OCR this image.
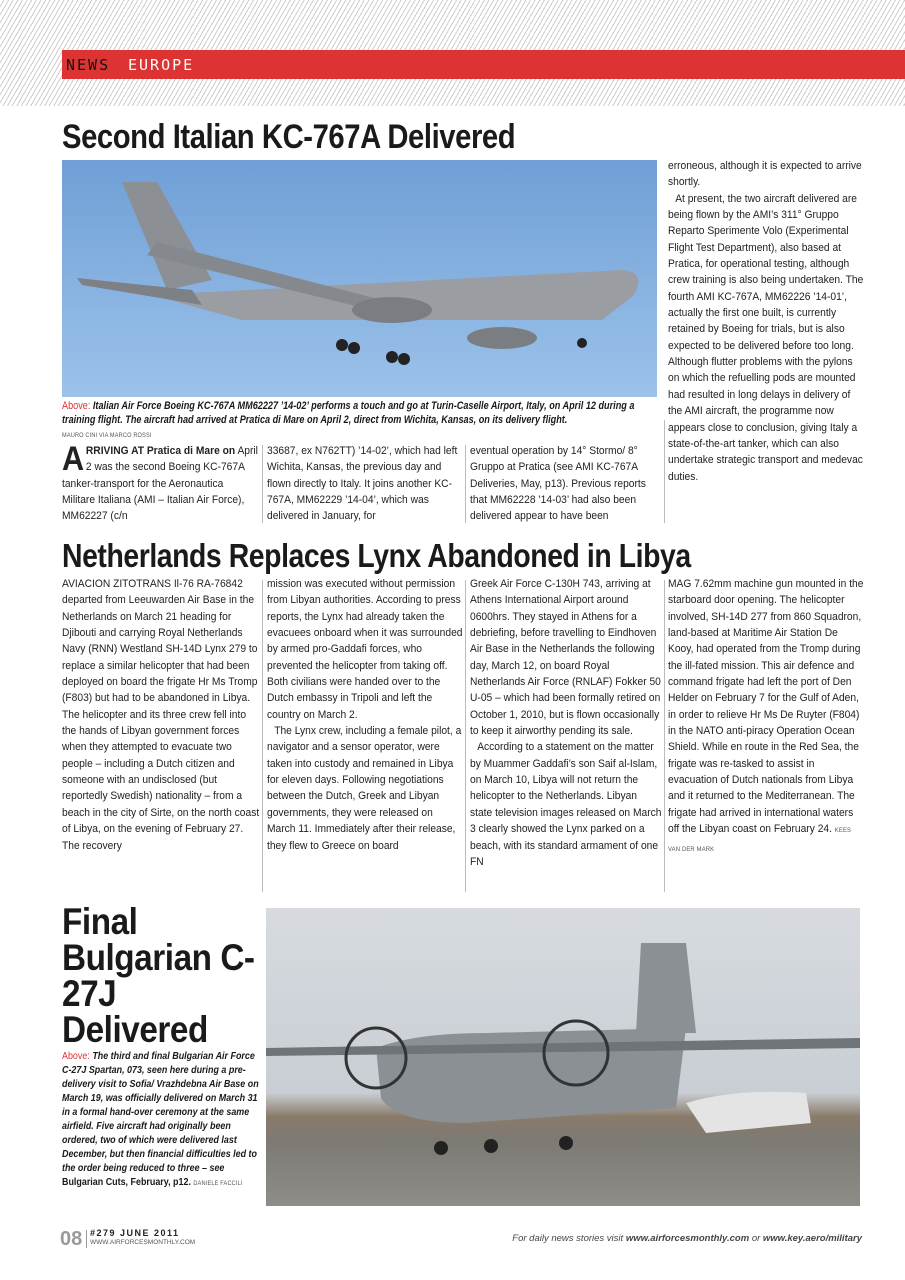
NEWS EUROPE
Second Italian KC-767A Delivered
Above: Italian Air Force Boeing KC-767A MM62227 ’14-02’ performs a touch and go at Turin-Caselle Airport, Italy, on April 12 during a training flight. The aircraft had arrived at Pratica di Mare on April 2, direct from Wichita, Kansas, on its delivery flight.
MAURO CINI VIA MARCO ROSSI
ARRIVING AT Pratica di Mare on April 2 was the second Boeing KC-767A tanker-transport for the Aeronautica Militare Italiana (AMI – Italian Air Force), MM62227 (c/n
33687, ex N762TT) ’14-02’, which had left Wichita, Kansas, the previous day and flown directly to Italy. It joins another KC-767A, MM62229 ’14-04’, which was delivered in January, for
eventual operation by 14° Stormo/ 8° Gruppo at Pratica (see AMI KC-767A Deliveries, May, p13). Previous reports that MM62228 ’14-03’ had also been delivered appear to have been

erroneous, although it is expected to arrive shortly.

At present, the two aircraft delivered are being flown by the AMI’s 311° Gruppo Reparto Sperimente Volo (Experimental Flight Test Department), also based at Pratica, for operational testing, although crew training is also being undertaken. The fourth AMI KC-767A, MM62226 ’14-01’, actually the first one built, is currently retained by Boeing for trials, but is also expected to be delivered before too long. Although flutter problems with the pylons on which the refuelling pods are mounted had resulted in long delays in delivery of the AMI aircraft, the programme now appears close to conclusion, giving Italy a state-of-the-art tanker, which can also undertake strategic transport and medevac duties.

Netherlands Replaces Lynx Abandoned in Libya
AVIACION ZITOTRANS Il-76 RA-76842 departed from Leeuwarden Air Base in the Netherlands on March 21 heading for Djibouti and carrying Royal Netherlands Navy (RNN) Westland SH-14D Lynx 279 to replace a similar helicopter that had been deployed on board the frigate Hr Ms Tromp (F803) but had to be abandoned in Libya. The helicopter and its three crew fell into the hands of Libyan government forces when they attempted to evacuate two people – including a Dutch citizen and someone with an undisclosed (but reportedly Swedish) nationality – from a beach in the city of Sirte, on the north coast of Libya, on the evening of February 27. The recovery

mission was executed without permission from Libyan authorities. According to press reports, the Lynx had already taken the evacuees onboard when it was surrounded by armed pro-Gaddafi forces, who prevented the helicopter from taking off. Both civilians were handed over to the Dutch embassy in Tripoli and left the country on March 2.

The Lynx crew, including a female pilot, a navigator and a sensor operator, were taken into custody and remained in Libya for eleven days. Following negotiations between the Dutch, Greek and Libyan governments, they were released on March 11. Immediately after their release, they flew to Greece on board

Greek Air Force C-130H 743, arriving at Athens International Airport around 0600hrs. They stayed in Athens for a debriefing, before travelling to Eindhoven Air Base in the Netherlands the following day, March 12, on board Royal Netherlands Air Force (RNLAF) Fokker 50 U-05 – which had been formally retired on October 1, 2010, but is flown occasionally to keep it airworthy pending its sale.

According to a statement on the matter by Muammer Gaddafi’s son Saif al-Islam, on March 10, Libya will not return the helicopter to the Netherlands. Libyan state television images released on March 3 clearly showed the Lynx parked on a beach, with its standard armament of one FN

MAG 7.62mm machine gun mounted in the starboard door opening. The helicopter involved, SH-14D 277 from 860 Squadron, land-based at Maritime Air Station De Kooy, had operated from the Tromp during the ill-fated mission. This air defence and command frigate had left the port of Den Helder on February 7 for the Gulf of Aden, in order to relieve Hr Ms De Ruyter (F804) in the NATO anti-piracy Operation Ocean Shield. While en route in the Red Sea, the frigate was re-tasked to assist in evacuation of Dutch nationals from Libya and it returned to the Mediterranean. The frigate had arrived in international waters off the Libyan coast on February 24. KEES VAN DER MARK
Final Bulgarian C-27J Delivered
Above: The third and final Bulgarian Air Force C-27J Spartan, 073, seen here during a pre-delivery visit to Sofia/ Vrazhdebna Air Base on March 19, was officially delivered on March 31 in a formal hand-over ceremony at the same airfield. Five aircraft had originally been ordered, two of which were delivered last December, but then financial difficulties led to the order being reduced to three – see Bulgarian Cuts, February, p12. DANIELE FACCILI
08 #279 JUNE 2011
WWW.AIRFORCESMONTHLY.COM	For daily news stories visit www.airforcesmonthly.com or www.key.aero/military
